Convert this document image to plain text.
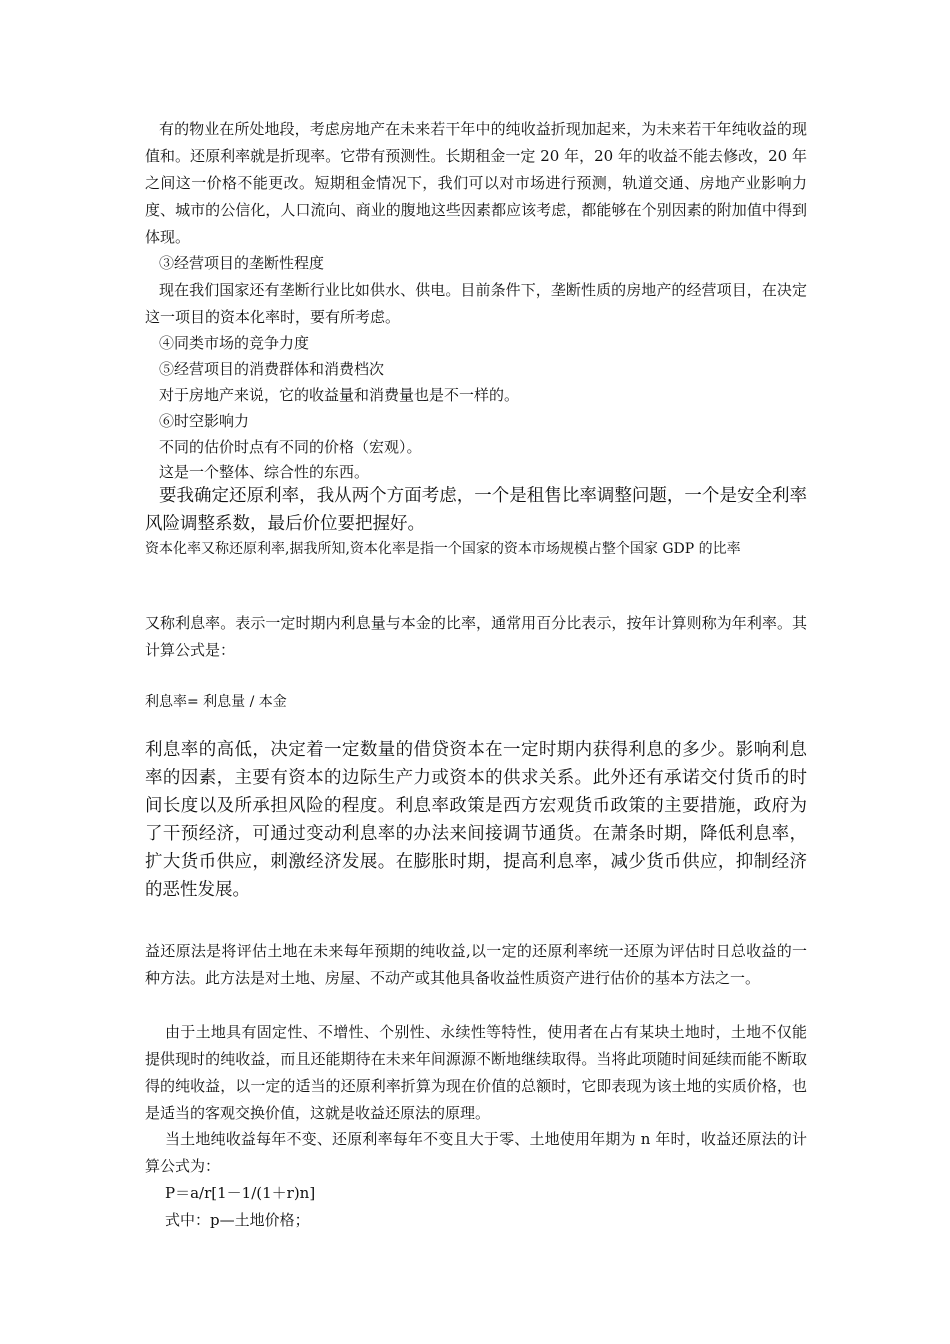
有的物业在所处地段，考虑房地产在未来若干年中的纯收益折现加起来，为未来若干年纯收益的现值和。还原利率就是折现率。它带有预测性。长期租金一定 20 年，20 年的收益不能去修改，20 年之间这一价格不能更改。短期租金情况下，我们可以对市场进行预测，轨道交通、房地产业影响力度、城市的公信化，人口流向、商业的腹地这些因素都应该考虑，都能够在个别因素的附加值中得到体现。

③经营项目的垄断性程度

现在我们国家还有垄断行业比如供水、供电。目前条件下，垄断性质的房地产的经营项目，在决定这一项目的资本化率时，要有所考虑。

④同类市场的竞争力度

⑤经营项目的消费群体和消费档次

对于房地产来说，它的收益量和消费量也是不一样的。

⑥时空影响力

不同的估价时点有不同的价格（宏观）。

这是一个整体、综合性的东西。

要我确定还原利率，我从两个方面考虑，一个是租售比率调整问题，一个是安全利率 风险调整系数，最后价位要把握好。

资本化率又称还原利率,据我所知,资本化率是指一个国家的资本市场规模占整个国家 GDP 的比率

又称利息率。表示一定时期内利息量与本金的比率，通常用百分比表示，按年计算则称为年利率。其计算公式是：

利息率= 利息量 / 本金

利息率的高低，决定着一定数量的借贷资本在一定时期内获得利息的多少。影响利息率的因素，主要有资本的边际生产力或资本的供求关系。此外还有承诺交付货币的时间长度以及所承担风险的程度。利息率政策是西方宏观货币政策的主要措施，政府为了干预经济，可通过变动利息率的办法来间接调节通货。在萧条时期，降低利息率，扩大货币供应，刺激经济发展。在膨胀时期，提高利息率，减少货币供应，抑制经济的恶性发展。

益还原法是将评估土地在未来每年预期的纯收益,以一定的还原利率统一还原为评估时日总收益的一种方法。此方法是对土地、房屋、不动产或其他具备收益性质资产进行估价的基本方法之一。

由于土地具有固定性、不增性、个别性、永续性等特性，使用者在占有某块土地时，土地不仅能提供现时的纯收益，而且还能期待在未来年间源源不断地继续取得。当将此项随时间延续而能不断取得的纯收益，以一定的适当的还原利率折算为现在价值的总额时，它即表现为该土地的实质价格，也是适当的客观交换价值，这就是收益还原法的原理。

当土地纯收益每年不变、还原利率每年不变且大于零、土地使用年期为 n 年时，收益还原法的计算公式为：

P＝a/r[1－1/(1＋r)n]

式中：p—土地价格；
